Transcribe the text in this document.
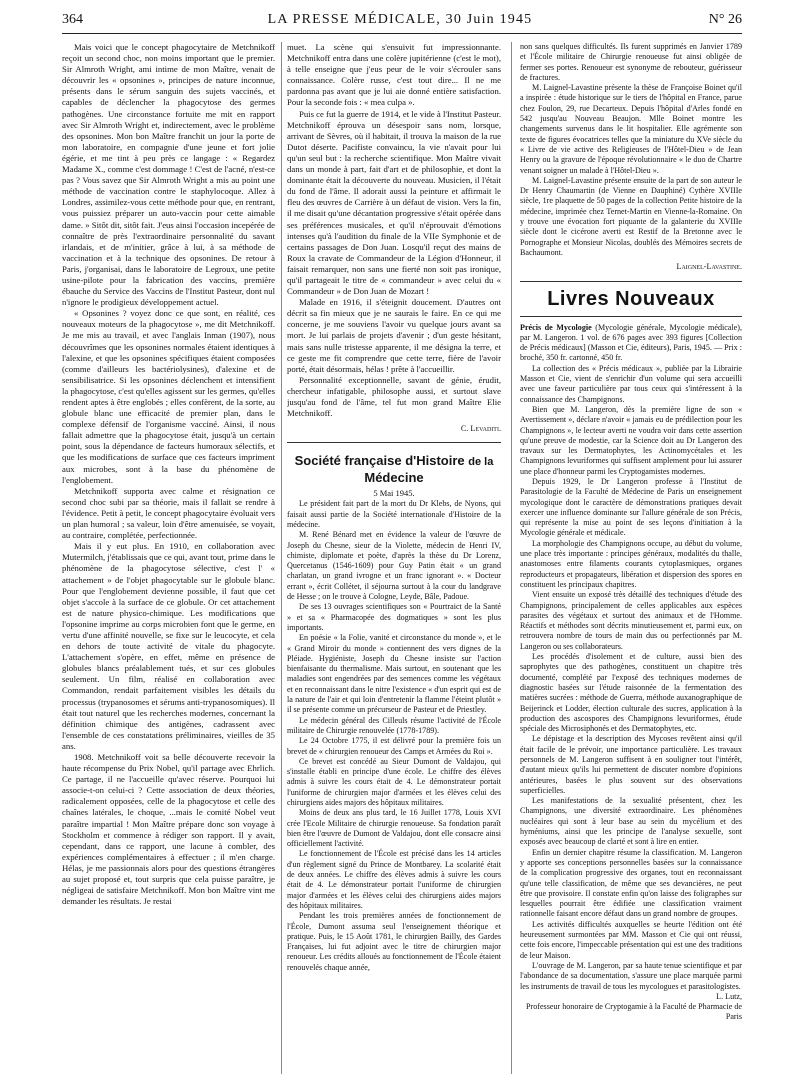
364	LA PRESSE MÉDICALE, 30 Juin 1945	N° 26

Mais voici que le concept phagocytaire de Metchnikoff reçoit un second choc, non moins important que le premier. Sir Almroth Wright, ami intime de mon Maître, venait de découvrir les « opsonines », principes de nature inconnue, présents dans le sérum sanguin des sujets vaccinés, et capables de déclencher la phagocytose des germes pathogènes. Une circonstance fortuite me mit en rapport avec Sir Almroth Wright et, indirectement, avec le problème des opsonines. Mon bon Maître franchit un jour la porte de mon laboratoire, en compagnie d'une jeune et fort jolie égérie, et me tint à peu près ce langage : « Regardez Madame X., comme c'est dommage ! C'est de l'acné, n'est-ce pas ? Vous savez que Sir Almroth Wright a mis au point une méthode de vaccination contre le staphylocoque. Allez à Londres, assimilez-vous cette méthode pour que, en rentrant, vous puissiez préparer un auto-vaccin pour cette aimable dame. » Sitôt dit, sitôt fait. J'eus ainsi l'occasion incepérée de connaître de près l'extraordinaire personnalité du savant irlandais, et de m'initier, grâce à lui, à sa méthode de vaccination et à la technique des opsonines. De retour à Paris, j'organisai, dans le laboratoire de Legroux, une petite usine-pilote pour la fabrication des vaccins, première ébauche du Service des Vaccins de l'Institut Pasteur, dont nul n'ignore le prodigieux développement actuel.

« Opsonines ? voyez donc ce que sont, en réalité, ces nouveaux moteurs de la phagocytose », me dit Metchnikoff. Je me mis au travail, et avec l'anglais Inman (1907), nous découvrîmes que les opsonines normales étaient identiques à l'alexine, et que les opsonines spécifiques étaient composées (comme d'ailleurs les bactériolysines), d'alexine et de sensibilisatrice. Si les opsonines déclenchent et intensifient la phagocytose, c'est qu'elles agissent sur les germes, qu'elles rendent aptes à être englobés ; elles confèrent, de la sorte, au globule blanc une efficacité de premier plan, dans le complexe défensif de l'organisme vacciné. Ainsi, il nous fallait admettre que la phagocytose était, jusqu'à un certain point, sous la dépendance de facteurs humoraux sélectifs, et que les modifications de surface que ces facteurs impriment aux microbes, sont à la base du phénomène de l'englobement.

Metchnikoff supporta avec calme et résignation ce second choc subi par sa théorie, mais il fallait se rendre à l'évidence. Petit à petit, le concept phagocytaire évoluait vers un plan humoral ; sa valeur, loin d'être amenuisée, se voyait, au contraire, complétée, perfectionnée.

Mais il y eut plus. En 1910, en collaboration avec Mutermilch, j'établissais que ce qui, avant tout, prime dans le phénomène de la phagocytose sélective, c'est l' « attachement » de l'objet phagocytable sur le globule blanc. Pour que l'englobement devienne possible, il faut que cet objet s'accole à la surface de ce globule. Or cet attachement est de nature physico-chimique. Les modifications que l'opsonine imprime au corps microbien font que le germe, en vertu d'une affinité nouvelle, se fixe sur le leucocyte, et cela en dehors de toute activité de vitale du phagocyte. L'attachement s'opère, en effet, même en présence de globules blancs préalablement tués, et sur ces globules seulement. Un film, réalisé en collaboration avec Commandon, rendait parfaitement visibles les détails du processus (trypanosomes et sérums anti-trypanosomiques). Il était tout naturel que les recherches modernes, concernant la définition chimique des antigènes, cadrassent avec l'ensemble de ces constatations préliminaires, vieilles de 35 ans.

1908. Metchnikoff voit sa belle découverte recevoir la haute récompense du Prix Nobel, qu'il partage avec Ehrlich. Ce partage, il ne l'accueille qu'avec réserve. Pourquoi lui associe-t-on celui-ci ? Cette association de deux théories, radicalement opposées, celle de la phagocytose et celle des chaînes latérales, le choque, ...mais le comité Nobel veut paraître impartial ! Mon Maître prépare donc son voyage à Stockholm et commence à rédiger son rapport. Il y avait, cependant, dans ce rapport, une lacune à combler, des expériences complémentaires à effectuer ; il m'en charge. Hélas, je me passionnais alors pour des questions étrangères au sujet proposé et, tout surpris que cela puisse paraître, je négligeai de satisfaire Metchnikoff. Mon bon Maître vint me demander les résultats. Je restai

muet. La scène qui s'ensuivit fut impressionnante. Metchnikoff entra dans une colère jupitérienne (c'est le mot), à telle enseigne que j'eus peur de le voir s'écrouler sans connaissance. Colère russe, c'est tout dire... Il ne me pardonna pas avant que je lui aie donné entière satisfaction. Pour la seconde fois : « mea culpa ».

Puis ce fut la guerre de 1914, et le vide à l'Institut Pasteur. Metchnikoff éprouva un désespoir sans nom, lorsque, arrivant de Sèvres, où il habitait, il trouva la maison de la rue Dutot déserte. Pacifiste convaincu, la vie n'avait pour lui qu'un seul but : la recherche scientifique. Mon Maître vivait dans un monde à part, fait d'art et de philosophie, et dont la dominante était la découverte du nouveau. Musicien, il l'était du fond de l'âme. Il adorait aussi la peinture et affirmait le fleu des œuvres de Carrière à un défaut de vision. Vers la fin, il me disait qu'une décantation progressive s'était opérée dans ses préférences musicales, et qu'il n'éprouvait d'émotions intenses qu'à l'audition du finale de la VIIe Symphonie et de certains passages de Don Juan. Losqu'il reçut des mains de Roux la cravate de Commandeur de la Légion d'Honneur, il faisait remarquer, non sans une fierté non soit pas ironique, qu'il partageait le titre de « commandeur » avec celui du « Commandeur » de Don Juan de Mozart !

Malade en 1916, il s'éteignit doucement. D'autres ont décrit sa fin mieux que je ne saurais le faire. En ce qui me concerne, je me souviens l'avoir vu quelque jours avant sa mort. Je lui parlais de projets d'avenir ; d'un geste hésitant, mais sans nulle tristesse apparente, il me désigna la terre, et ce geste me fit comprendre que cette terre, fière de l'avoir porté, était désormais, hélas ! prête à l'accueillir.

Personnalité exceptionnelle, savant de génie, érudit, chercheur infatigable, philosophe aussi, et surtout slave jusqu'au fond de l'âme, tel fut mon grand Maître Elie Metchnikoff.

C. Levaditi.

Société française d'Histoire de la Médecine

5 Mai 1945.

Le président fait part de la mort du Dr Klebs, de Nyons, qui faisait aussi partie de la Société internationale d'Histoire de la médecine.

M. René Bénard met en évidence la valeur de l'œuvre de Joseph du Chesne, sieur de la Violette, médecin de Henri IV, chimiste, diplomate et poète, d'après la thèse du Dr Lorenz, Quercetanus (1546-1609) pour Guy Patin était « un grand charlatan, un grand ivrogne et un franc ignorant ». « Docteur errant », écrit Collétet, il séjourna surtout à la cour du landgrave de Hesse ; on le trouve à Cologne, Leyde, Bâle, Padoue.

De ses 13 ouvrages scientifiques son « Pourtraict de la Santé » et sa « Pharmacopée des dogmatiques » sont les plus importants.

En poésie « la Folie, vanité et circonstance du monde », et le « Grand Miroir du monde » contiennent des vers dignes de la Pléiade. Hygiéniste, Joseph du Chesne insiste sur l'action bienfaisante du thermalisme. Mais surtout, en soutenant que les maladies sont engendrées par des semences comme les végétaux et en reconnaissant dans le nitre l'existence « d'un esprit qui est de la nature de l'air et qui loin d'entretenir la flamme l'éteint plutôt » il se présente comme un précurseur de Pasteur et de Priestley.

Le médecin général des Cilleuls résume l'activité de l'École militaire de Chirurgie renouvelée (1778-1789).

Le 24 Octobre 1775, il est délivré pour la première fois un brevet de « chirurgien renoueur des Camps et Armées du Roi ».

Ce brevet est concédé au Sieur Dumont de Valdajou, qui s'installe établi en principe d'une école. Le chiffre des élèves admis à suivre les cours était de 4. Le démonstrateur portait l'uniforme de chirurgien major d'armées et les élèves celui des chirurgiens aides majors des hôpitaux militaires.

Moins de deux ans plus tard, le 16 Juillet 1778, Louis XVI crée l'Ecole Militaire de chirurgie renoueuse. Sa fondation paraît bien être l'œuvre de Dumont de Valdajou, dont elle consacre ainsi officiellement l'activité.

Le fonctionnement de l'École est précisé dans les 14 articles d'un règlement signé du Prince de Montbarey. La scolarité était de deux années. Le chiffre des élèves admis à suivre les cours était de 4. Le démonstrateur portait l'uniforme de chirurgien major d'armées et les élèves celui des chirurgiens aides majors des hôpitaux militaires.

Pendant les trois premières années de fonctionnement de l'École, Dumont assuma seul l'enseignement théorique et pratique. Puis, le 15 Août 1781, le chirurgien Bailly, des Gardes Françaises, lui fut adjoint avec le titre de chirurgien major renoueur. Les crédits alloués au fonctionnement de l'École étaient renouvelés chaque année,

non sans quelques difficultés. Ils furent supprimés en Janvier 1789 et l'École militaire de Chirurgie renoueuse fut ainsi obligée de fermer ses portes. Renoueur est synonyme de rebouteur, guérisseur de fractures.

M. Laignel-Lavastine présente la thèse de Françoise Boinet qu'il a inspirée : étude historique sur le tiers de l'hôpital en France, parue chez Foulon, 29, rue Decarteux. Depuis l'hôpital d'Arles fondé en 542 jusqu'au Nouveau Beaujon. Mlle Boinet montre les changements survenus dans le lit hospitalier. Elle agrémente son texte de figures évocatrices telles que la miniature du XVe siècle du « Livre de vie active des Religieuses de l'Hôtel-Dieu » de Jean Henry ou la gravure de l'époque révolutionnaire « le duo de Chartre venant soigner un malade à l'Hôtel-Dieu ».

M. Laignel-Lavastine présente ensuite de la part de son auteur le Dr Henry Chaumartin (de Vienne en Dauphiné) Cythère XVIIIe siècle, 1re plaquette de 50 pages de la collection Petite histoire de la médecine, imprimée chez Ternet-Martin en Vienne-la-Romaine. On y trouve une évocation fort piquante de la galanterie du XVIIIe siècle dont le cicérone averti est Restif de la Bretonne avec le Pornographe et Monsieur Nicolas, doublés des Mémoires secrets de Bachaumont.

Laignel-Lavastine.

Livres Nouveaux

Précis de Mycologie (Mycologie générale, Mycologie médicale), par M. Langeron. 1 vol. de 676 pages avec 393 figures [Collection de Précis médicaux] (Masson et Cie, éditeurs), Paris, 1945. — Prix : broché, 350 fr. cartonné, 450 fr.

La collection des « Précis médicaux », publiée par la Librairie Masson et Cie, vient de s'enrichir d'un volume qui sera accueilli avec une faveur particulière par tous ceux qui s'intéressent à la connaissance des Champignons.

Bien que M. Langeron, dès la première ligne de son « Avertissement », déclare n'avoir « jamais eu de prédilection pour les Champignons », le lecteur averti ne voudra voir dans cette assertion qu'une preuve de modestie, car la Science doit au Dr Langeron des travaux sur les Dermatophytes, les Actinomycétales et les Champignons levuriformes qui suffisent amplement pour lui assurer une place d'honneur parmi les Cryptogamistes modernes.

Depuis 1929, le Dr Langeron professe à l'Institut de Parasitologie de la Faculté de Médecine de Paris un enseignement mycologique dont le caractère de démonstrations pratiques devait exercer une influence dominante sur l'allure générale de son Précis, qui représente la mise au point de ses leçons d'initiation à la Mycologie générale et médicale.

La morphologie des Champignons occupe, au début du volume, une place très importante : principes généraux, modalités du thalle, anastomoses entre filaments courants cytoplasmiques, organes reproducteurs et propagateurs, libération et dispersion des spores en constituent les principaux chapitres.

Vient ensuite un exposé très détaillé des techniques d'étude des Champignons, principalement de celles applicables aux espèces parasites des végétaux et surtout des animaux et de l'Homme. Réactifs et méthodes sont décrits minutieusement et, parmi eux, on retrouvera nombre de tours de main dus ou perfectionnés par M. Langeron ou ses collaborateurs.

Les procédés d'isolement et de culture, aussi bien des saprophytes que des pathogènes, constituent un chapitre très documenté, complété par l'exposé des techniques modernes de diagnostic basées sur l'étude raisonnée de la fermentation des matières sucrées : méthode de Guerra, méthode auxanographique de Beijerinck et Lodder, élection culturale des sucres, application à la production des ascospores des Champignons levuriformes, étude spéciale des Microsiphonés et des Dermatophytes, etc.

Le dépistage et la description des Mycoses revêtent ainsi qu'il était facile de le prévoir, une importance particulière. Les travaux personnels de M. Langeron suffisent à en souligner tout l'intérêt, d'autant mieux qu'ils lui permettent de discuter nombre d'opinions antérieures, basées le plus souvent sur des observations superficielles.

Les manifestations de la sexualité présentent, chez les Champignons, une diversité extraordinaire. Les phénomènes nucléaires qui sont à leur base au sein du mycélium et des hyméniums, ainsi que les principe de l'analyse sexuelle, sont exposés avec beaucoup de clarté et sont à lire en entier.

Enfin un dernier chapitre résume la classification. M. Langeron y apporte ses conceptions personnelles basées sur la connaissance de la complication progressive des organes, tout en reconnaissant qu'une telle classification, de même que ses devancières, ne peut être que provisoire. Il constate enfin qu'on laisse des foligraphes sur lesquelles pourrait être édifiée une classification vraiment rationnelle faisant encore défaut dans un grand nombre de groupes.

Les activités difficultés auxquelles se heurte l'édition ont été heureusement surmontées par MM. Masson et Cie qui ont réussi, cette fois encore, l'impeccable présentation qui est une des traditions de leur Maison.

L'ouvrage de M. Langeron, par sa haute tenue scientifique et par l'abondance de sa documentation, s'assure une place marquée parmi les instruments de travail de tous les mycologues et parasitologistes.

L. Lutz,

Professeur honoraire de Cryptogamie à la Faculté de Pharmacie de Paris
